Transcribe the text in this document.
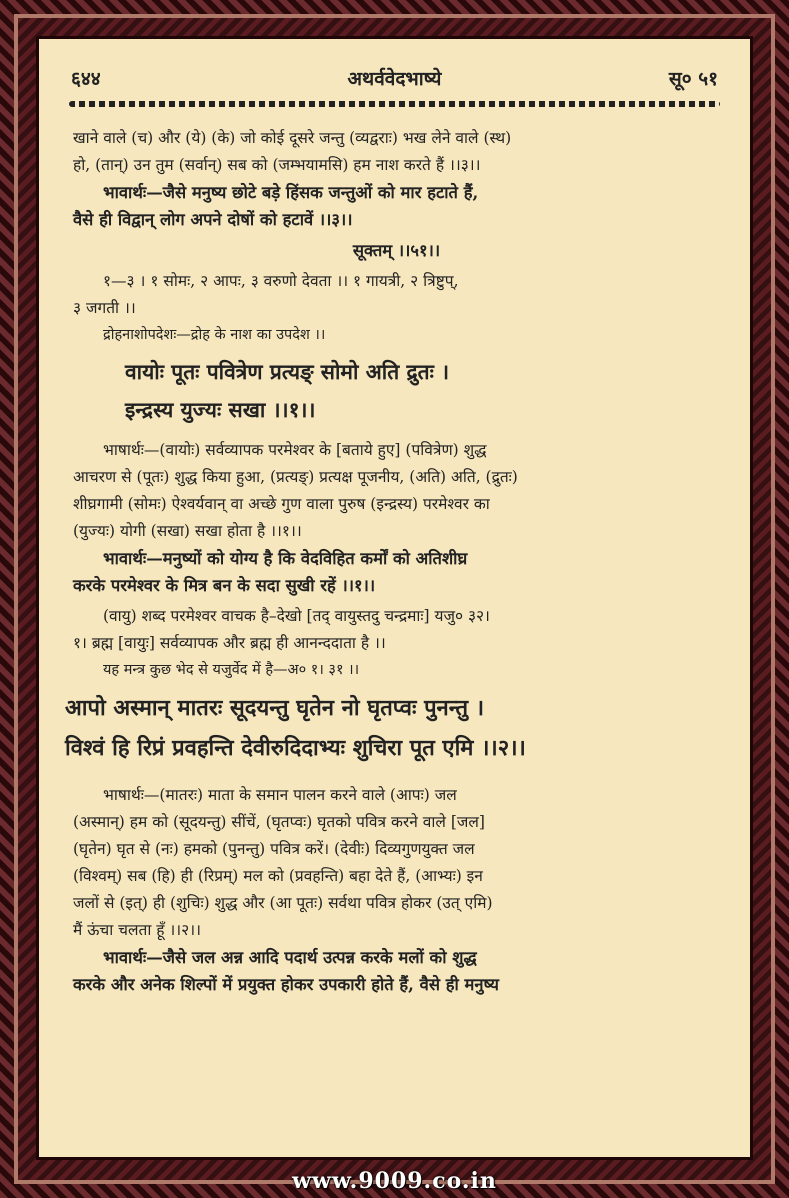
६४४	अथर्ववेदभाष्ये	सू० ५१

खाने वाले (च) और (ये) (के) जो कोई दूसरे जन्तु (व्यद्वराः) भख लेने वाले (स्थ)

हो, (तान्) उन तुम (सर्वान्) सब को (जम्भयामसि) हम नाश करते हैं ।।३।।

भावार्थः—जैसे मनुष्य छोटे बड़े हिंसक जन्तुओं को मार हटाते हैं,

वैसे ही विद्वान् लोग अपने दोषों को हटावें ।।३।।

सूक्तम् ।।५१।।

१—३ । १ सोमः, २ आपः, ३ वरुणो देवता ।। १ गायत्री, २ त्रिष्टुप्,

३ जगती ।।

द्रोहनाशोपदेशः—द्रोह के नाश का उपदेश ।।

वायोः पूतः पवित्रेण प्रत्यङ् सोमो अति द्रुतः ।

इन्द्रस्य युज्यः सखा ।।१।।

भाषार्थः—(वायोः) सर्वव्यापक परमेश्वर के [बताये हुए] (पवित्रेण) शुद्ध

आचरण से (पूतः) शुद्ध किया हुआ, (प्रत्यङ्) प्रत्यक्ष पूजनीय, (अति) अति, (द्रुतः)

शीघ्रगामी (सोमः) ऐश्वर्यवान् वा अच्छे गुण वाला पुरुष (इन्द्रस्य) परमेश्वर का

(युज्यः) योगी (सखा) सखा होता है ।।१।।

भावार्थः—मनुष्यों को योग्य है कि वेदविहित कर्मों को अतिशीघ्र

करके परमेश्वर के मित्र बन के सदा सुखी रहें ।।१।।

(वायु) शब्द परमेश्वर वाचक है–देखो [तद् वायुस्तदु चन्द्रमाः] यजु० ३२।

१। ब्रह्म [वायुः] सर्वव्यापक और ब्रह्म ही आनन्ददाता है ।।

यह मन्त्र कुछ भेद से यजुर्वेद में है—अ० १। ३१ ।।

आपो अस्मान् मातरः सूदयन्तु घृतेन नो घृतप्वः पुनन्तु ।

विश्वं हि रिप्रं प्रवहन्ति देवीरुदिदाभ्यः शुचिरा पूत एमि ।।२।।

भाषार्थः—(मातरः) माता के समान पालन करने वाले (आपः) जल

(अस्मान्) हम को (सूदयन्तु) सींचें, (घृतप्वः) घृतको पवित्र करने वाले [जल]

(घृतेन) घृत से (नः) हमको (पुनन्तु) पवित्र करें। (देवीः) दिव्यगुणयुक्त जल

(विश्वम्) सब (हि) ही (रिप्रम्) मल को (प्रवहन्ति) बहा देते हैं, (आभ्यः) इन

जलों से (इत्) ही (शुचिः) शुद्ध और (आ पूतः) सर्वथा पवित्र होकर (उत् एमि)

मैं ऊंचा चलता हूँ ।।२।।

भावार्थः—जैसे जल अन्न आदि पदार्थ उत्पन्न करके मलों को शुद्ध

करके और अनेक शिल्पों में प्रयुक्त होकर उपकारी होते हैं, वैसे ही मनुष्य

www.9009.co.in
